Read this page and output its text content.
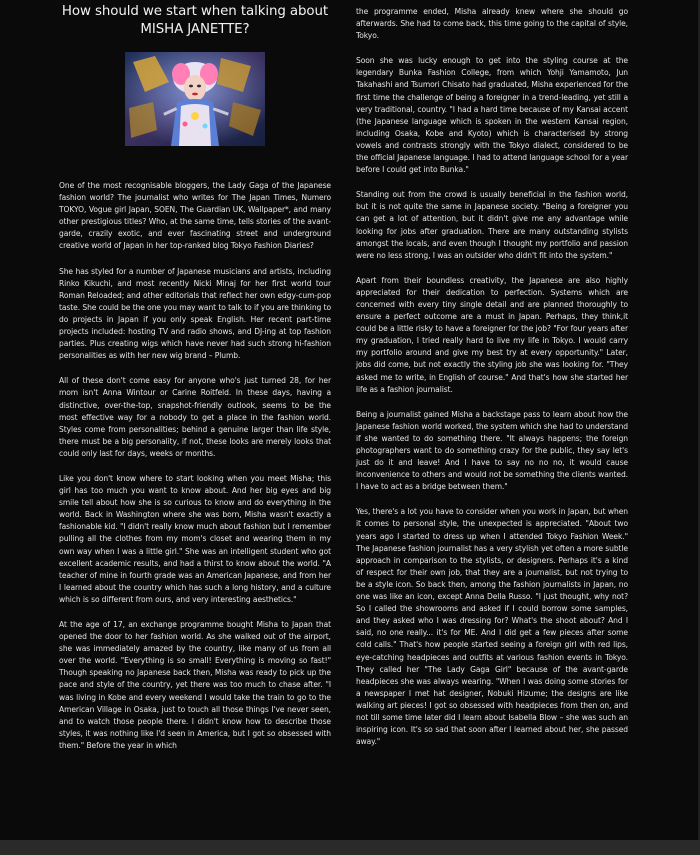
How should we start when talking about
MISHA JANETTE?

One of the most recognisable bloggers, the Lady Gaga of the Japanese fashion world? The journalist who writes for The Japan Times, Numero TOKYO, Vogue girl Japan, SOEN, The Guardian UK, Wallpaper*, and many other prestigious titles? Who, at the same time, tells stories of the avant-garde, crazily exotic, and ever fascinating street and underground creative world of Japan in her top-ranked blog Tokyo Fashion Diaries?

She has styled for a number of Japanese musicians and artists, including Rinko Kikuchi, and most recently Nicki Minaj for her first world tour Roman Reloaded; and other editorials that reflect her own edgy-cum-pop taste. She could be the one you may want to talk to if you are thinking to do projects in Japan if you only speak English. Her recent part-time projects included: hosting TV and radio shows, and DJ-ing at top fashion parties. Plus creating wigs which have never had such strong hi-fashion personalities as with her new wig brand – Plumb.

All of these don't come easy for anyone who's just turned 28, for her mom isn't Anna Wintour or Carine Roitfeld. In these days, having a distinctive, over-the-top, snapshot-friendly outlook, seems to be the most effective way for a nobody to get a place in the fashion world. Styles come from personalities; behind a genuine larger than life style, there must be a big personality, if not, these looks are merely looks that could only last for days, weeks or months.

Like you don't know where to start looking when you meet Misha; this girl has too much you want to know about. And her big eyes and big smile tell about how she is so curious to know and do everything in the world. Back in Washington where she was born, Misha wasn't exactly a fashionable kid. "I didn't really know much about fashion but I remember pulling all the clothes from my mom's closet and wearing them in my own way when I was a little girl." She was an intelligent student who got excellent academic results, and had a thirst to know about the world. "A teacher of mine in fourth grade was an American Japanese, and from her I learned about the country which has such a long history, and a culture which is so different from ours, and very interesting aesthetics."

At the age of 17, an exchange programme bought Misha to Japan that opened the door to her fashion world. As she walked out of the airport, she was immediately amazed by the country, like many of us from all over the world. "Everything is so small! Everything is moving so fast!" Though speaking no Japanese back then, Misha was ready to pick up the pace and style of the country, yet there was too much to chase after. "I was living in Kobe and every weekend I would take the train to go to the American Village in Osaka, just to touch all those things I've never seen, and to watch those people there. I didn't know how to describe those styles, it was nothing like I'd seen in America, but I got so obsessed with them." Before the year in which

the programme ended, Misha already knew where she should go afterwards. She had to come back, this time going to the capital of style, Tokyo.

Soon she was lucky enough to get into the styling course at the legendary Bunka Fashion College, from which Yohji Yamamoto, Jun Takahashi and Tsumori Chisato had graduated, Misha experienced for the first time the challenge of being a foreigner in a trend-leading, yet still a very traditional, country. "I had a hard time because of my Kansai accent (the Japanese language which is spoken in the western Kansai region, including Osaka, Kobe and Kyoto) which is characterised by strong vowels and contrasts strongly with the Tokyo dialect, considered to be the official Japanese language. I had to attend language school for a year before I could get into Bunka."

Standing out from the crowd is usually beneficial in the fashion world, but it is not quite the same in Japanese society. "Being a foreigner you can get a lot of attention, but it didn't give me any advantage while looking for jobs after graduation. There are many outstanding stylists amongst the locals, and even though I thought my portfolio and passion were no less strong, I was an outsider who didn't fit into the system."

Apart from their boundless creativity, the Japanese are also highly appreciated for their dedication to perfection. Systems which are concerned with every tiny single detail and are planned thoroughly to ensure a perfect outcome are a must in Japan. Perhaps, they think,it could be a little risky to have a foreigner for the job? "For four years after my graduation, I tried really hard to live my life in Tokyo. I would carry my portfolio around and give my best try at every opportunity." Later, jobs did come, but not exactly the styling job she was looking for. "They asked me to write, in English of course." And that's how she started her life as a fashion journalist.

Being a journalist gained Misha a backstage pass to learn about how the Japanese fashion world worked, the system which she had to understand if she wanted to do something there. "It always happens; the foreign photographers want to do something crazy for the public, they say let's just do it and leave! And I have to say no no no, it would cause inconvenience to others and would not be something the clients wanted. I have to act as a bridge between them."

Yes, there's a lot you have to consider when you work in Japan, but when it comes to personal style, the unexpected is appreciated. "About two years ago I started to dress up when I attended Tokyo Fashion Week." The Japanese fashion journalist has a very stylish yet often a more subtle approach in comparison to the stylists, or designers. Perhaps it's a kind of respect for their own job, that they are a journalist, but not trying to be a style icon. So back then, among the fashion journalists in Japan, no one was like an icon, except Anna Della Russo. "I just thought, why not? So I called the showrooms and asked if I could borrow some samples, and they asked who I was dressing for? What's the shoot about? And I said, no one really... it's for ME. And I did get a few pieces after some cold calls." That's how people started seeing a foreign girl with red lips, eye-catching headpieces and outfits at various fashion events in Tokyo. They called her "The Lady Gaga Girl" because of the avant-garde headpieces she was always wearing. "When I was doing some stories for a newspaper I met hat designer, Nobuki Hizume; the designs are like walking art pieces! I got so obsessed with headpieces from then on, and not till some time later did I learn about Isabella Blow – she was such an inspiring icon. It's so sad that soon after I learned about her, she passed away."
